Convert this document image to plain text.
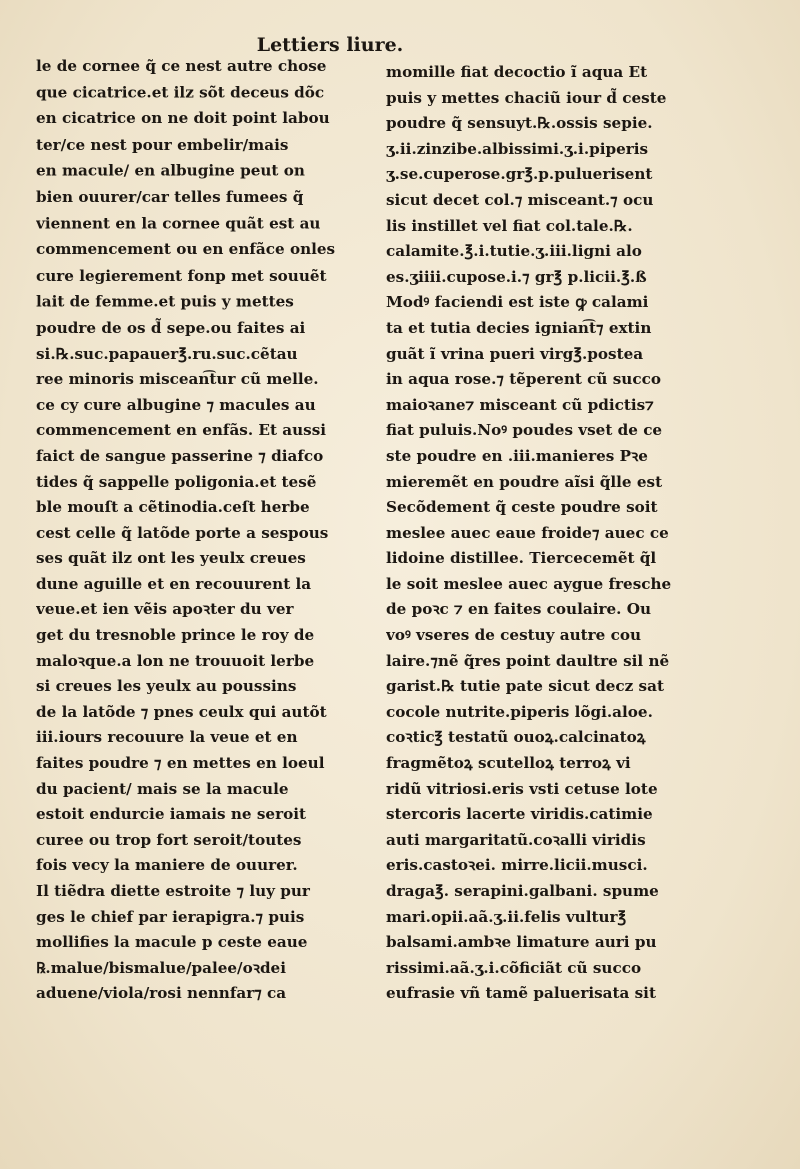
Lettiers liure.
le de cornee q̃ ce nest autre chose
que cicatrice.et ilz sõt deceus dõc
en cicatrice on ne doit point labou
ter/ce nest pour embelir/mais
en macule/ en albugine peut on
bien ouurer/car telles fumees q̃
viennent en la cornee quãt est au
commencement ou en enfãce onles
cure legierement fonp met souuẽt
lait de femme.et puis y mettes
poudre de os d̃ sepe.ou faites ai
si.℞.suc.papauer℥.ru.suc.cẽtau
ree minoris miscean͡tur cũ melle.
ce cy cure albugine ⁊ macules au
commencement en enfãs. Et aussi
faict de sangue passerine ⁊ diafco
tides q̃ sappelle poligonia.et tesẽ
ble mouſt a cẽtinodia.ceſt herbe
cest celle q̃ latõde porte a sespous
ses quãt ilz ont les yeulx creues
dune aguille et en recouurent la
veue.et ien vẽis apoꝛter du ver
get du tresnoble prince le roy de
maloꝛque.a lon ne trouuoit lerbe
si creues les yeulx au poussins
de la latõde ⁊ pnes ceulx qui autõt
iii.iours recouure la veue et en
faites poudre ⁊ en mettes en loeul
du pacient/ mais se la macule
estoit endurcie iamais ne seroit
curee ou trop fort seroit/toutes
fois vecy la maniere de ouurer.
Il tiẽdra diette estroite ⁊ luy pur
ges le chief par ierapigra.⁊ puis
mollifies la macule p ceste eaue
℞.malue/bismalue/palee/oꝛdei
aduene/viola/rosi nennfar⁊ ca
momille fiat decoctio ĩ aqua Et
puis y mettes chaciũ iour d̃ ceste
poudre q̃ sensuyt.℞.ossis sepie.
ʒ.ii.zinzibe.albissimi.ʒ.i.piperis
ʒ.se.cuperose.gr℥.p.puluerisent
sicut decet col.⁊ misceant.⁊ ocu
lis instillet vel fiat col.tale.℞.
calamite.℥.i.tutie.ʒ.iii.ligni alo
es.ʒiiii.cupose.i.⁊ gr℥ p.licii.℥.ß
Modꝰ faciendi est iste ꝙ calami
ta et tutia decies ignian͡t⁊ extin
guãt ĩ vrina pueri virg℥.postea
in aqua rose.⁊ tẽperent cũ succo
maioꝛane⁊ misceant cũ pdictis⁊
fiat puluis.Noꝰ poudes vset de ce
ste poudre en .iii.manieres Pꝛe
mieremẽt en poudre aĩsi q̃lle est
Secõdement q̃ ceste poudre soit
meslee auec eaue froide⁊ auec ce
lidoine distillee. Tiercecemẽt q̃l
le soit meslee auec aygue fresche
de poꝛc ⁊ en faites coulaire. Ou
voꝰ vseres de cestuy autre cou
laire.⁊nẽ q̃res point daultre sil nẽ
garist.℞ tutie pate sicut decz sat
cocole nutrite.piperis lõgi.aloe.
coꝛtic℥ testatũ ouoꝝ.calcinatoꝝ
fragmẽtoꝝ scutelloꝝ terroꝝ vi
ridũ vitriosi.eris vsti cetuse lote
stercoris lacerte viridis.catimie
auti margaritatũ.coꝛalli viridis
eris.castoꝛei. mirre.licii.musci.
draga℥. serapini.galbani. spume
mari.opii.aã.ʒ.ii.felis vultur℥
balsami.ambꝛe limature auri pu
rissimi.aã.ʒ.i.cõficiãt cũ succo
eufrasie vñ tamẽ paluerisata sit
